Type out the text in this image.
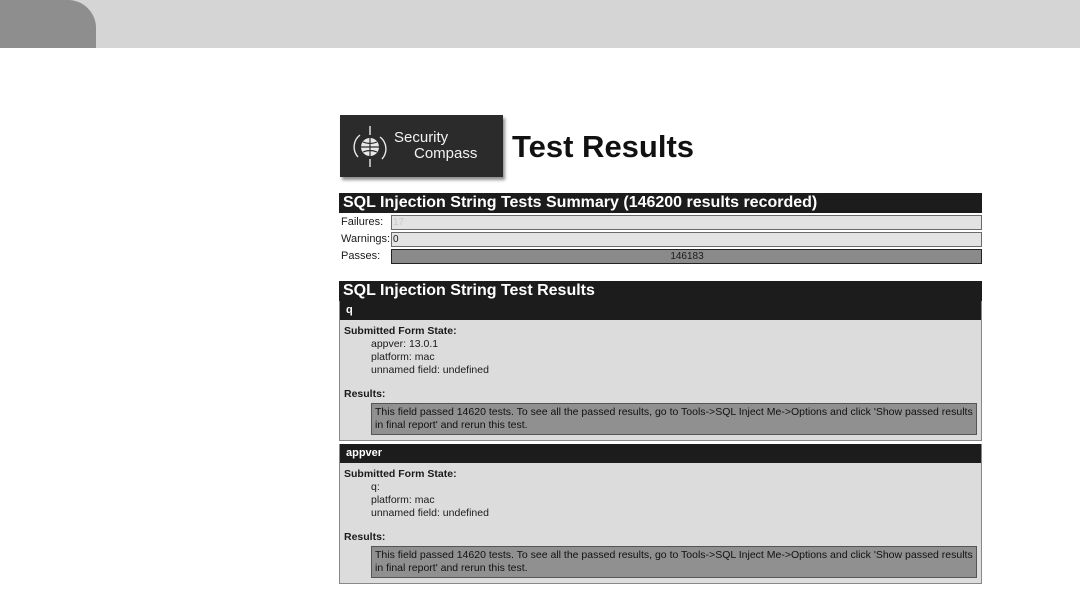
Security
Compass Test Results
SQL Injection String Tests Summary (146200 results recorded)
Failures: 17
Warnings: 0
Passes:	146183
SQL Injection String Test Results
q
Submitted Form State:
appver: 13.0.1
platform: mac
unnamed field: undefined
Results:
This field passed 14620 tests. To see all the passed results, go to Tools->SQL Inject Me->Options and click 'Show passed results in final report' and rerun this test.
appver
Submitted Form State:
q:
platform: mac
unnamed field: undefined
Results:
This field passed 14620 tests. To see all the passed results, go to Tools->SQL Inject Me->Options and click 'Show passed results in final report' and rerun this test.
